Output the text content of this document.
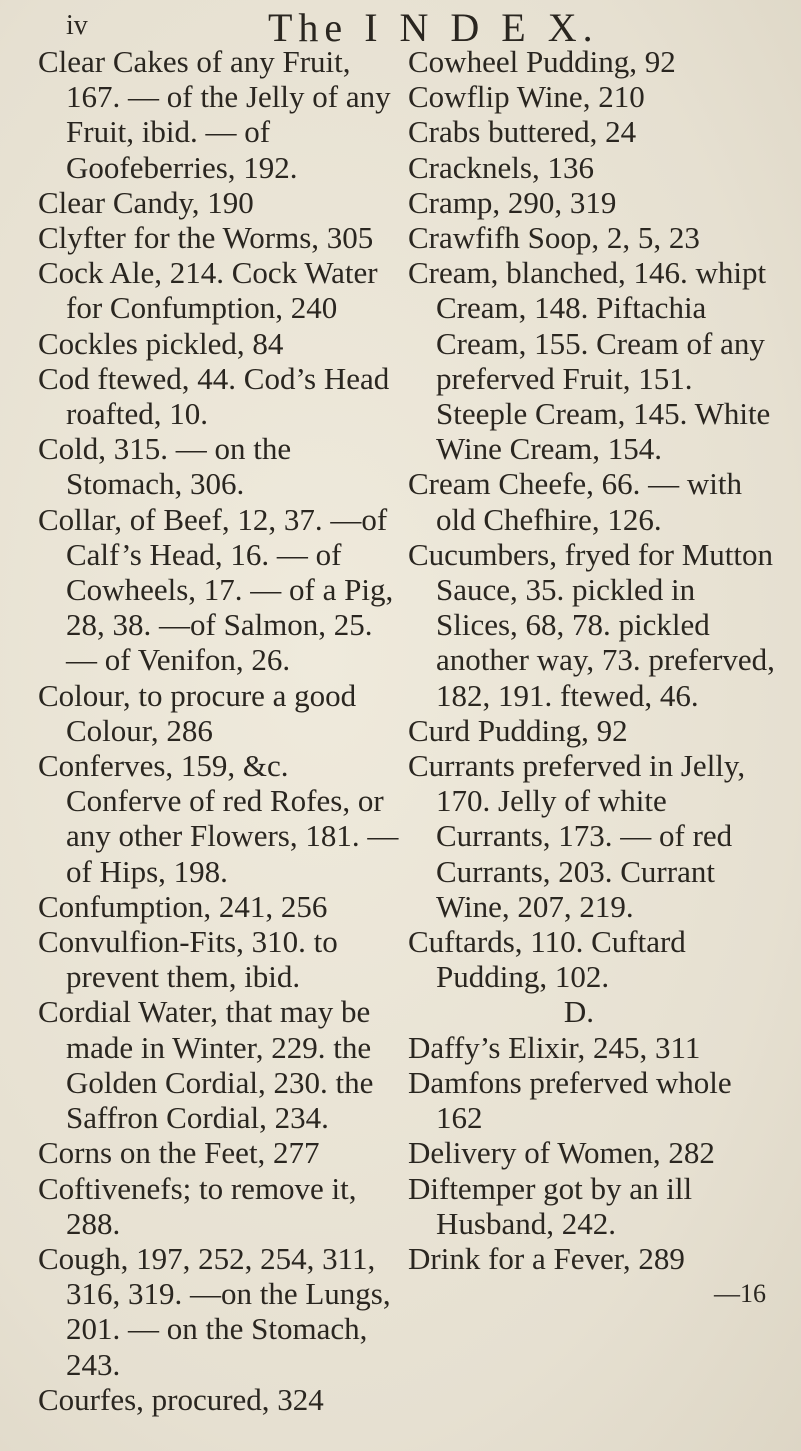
iv	The I N D E X.

Clear Cakes of any Fruit, 167. — of the Jelly of any Fruit, ibid. — of Goofeberries, 192.

Clear Candy, 190

Clyfter for the Worms, 305

Cock Ale, 214. Cock Water for Confumption, 240

Cockles pickled, 84

Cod ftewed, 44. Cod’s Head roafted, 10.

Cold, 315. — on the Stomach, 306.

Collar, of Beef, 12, 37. —of Calf’s Head, 16. — of Cowheels, 17. — of a Pig, 28, 38. —of Salmon, 25. — of Venifon, 26.

Colour, to procure a good Colour, 286

Conferves, 159, &c. Conferve of red Rofes, or any other Flowers, 181. —of Hips, 198.

Confumption, 241, 256

Convulfion-Fits, 310. to prevent them, ibid.

Cordial Water, that may be made in Winter, 229. the Golden Cordial, 230. the Saffron Cordial, 234.

Corns on the Feet, 277

Coftivenefs; to remove it, 288.

Cough, 197, 252, 254, 311, 316, 319. —on the Lungs, 201. — on the Stomach, 243.

Courfes, procured, 324

Cowheel Pudding, 92

Cowflip Wine, 210

Crabs buttered, 24

Cracknels, 136

Cramp, 290, 319

Crawfifh Soop, 2, 5, 23

Cream, blanched, 146. whipt Cream, 148. Piftachia Cream, 155. Cream of any preferved Fruit, 151. Steeple Cream, 145. White Wine Cream, 154.

Cream Cheefe, 66. — with old Chefhire, 126.

Cucumbers, fryed for Mutton Sauce, 35. pickled in Slices, 68, 78. pickled another way, 73. preferved, 182, 191. ftewed, 46.

Curd Pudding, 92

Currants preferved in Jelly, 170. Jelly of white Currants, 173. — of red Currants, 203. Currant Wine, 207, 219.

Cuftards, 110. Cuftard Pudding, 102.

D.

Daffy’s Elixir, 245, 311

Damfons preferved whole 162

Delivery of Women, 282

Diftemper got by an ill Husband, 242.

Drink for a Fever, 289

—16
